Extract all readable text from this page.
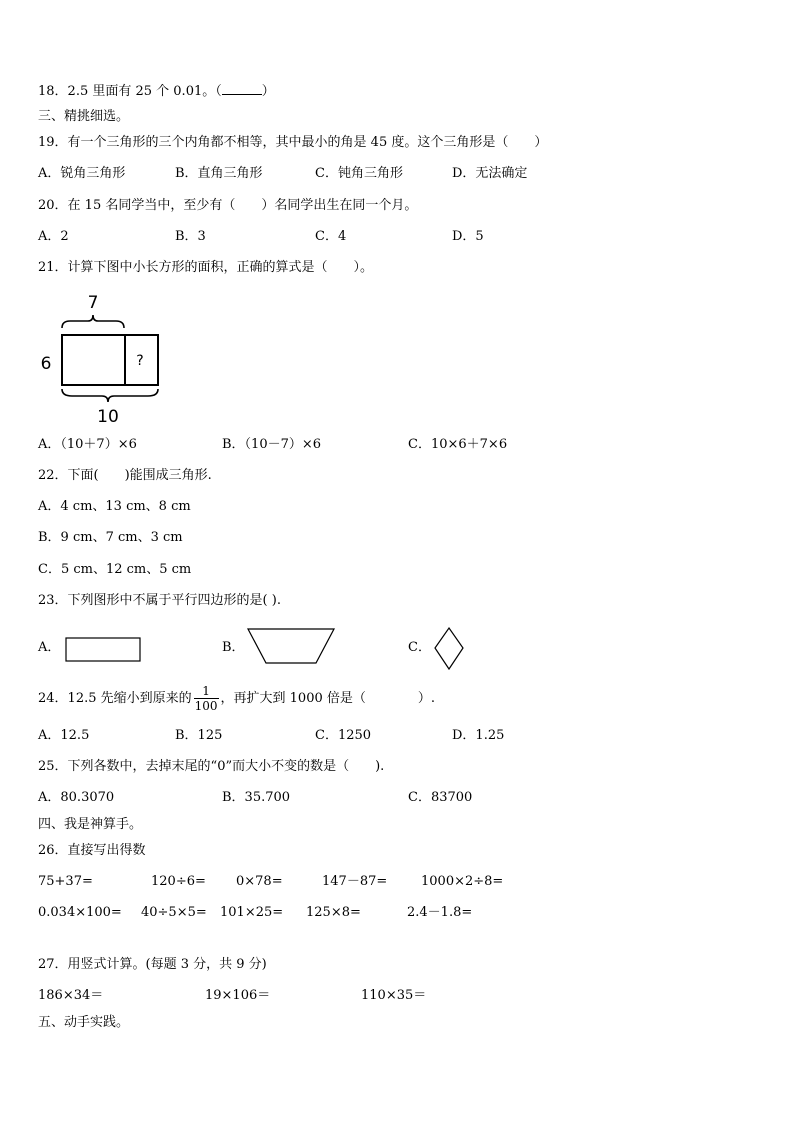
18．2.5 里面有 25 个 0.01。（	）
三、精挑细选。
19．有一个三角形的三个内角都不相等，其中最小的角是 45 度。这个三角形是（　　）
A．锐角三角形	B．直角三角形	C．钝角三角形	D．无法确定
20．在 15 名同学当中，至少有（　　）名同学出生在同一个月。
A．2	B．3	C．4	D．5
21．计算下图中小长方形的面积，正确的算式是（　　）。
7
?
6
10
A．（10＋7）×6	B．（10－7）×6	C．10×6＋7×6
22．下面(　　)能围成三角形.
A．4 cm、13 cm、8 cm
B．9 cm、7 cm、3 cm
C．5 cm、12 cm、5 cm
23．下列图形中不属于平行四边形的是( ).
A．	B．	C．
24．12.5 先缩小到原来的 $\frac{1}{100}$ ，再扩大到 1000 倍是（　　　　）.
A．12.5	B．125	C．1250	D．1.25
25．下列各数中，去掉末尾的“0”而大小不变的数是（　　).
A．80.3070	B．35.700	C．83700
四、我是神算手。
26．直接写出得数
75+37=	120÷6= 0×78=	147－87=	1000×2÷8=
0.034×100= 40÷5×5= 101×25= 125×8=	2.4－1.8=
27．用竖式计算。(每题 3 分，共 9 分)
186×34＝	19×106＝	110×35＝
五、动手实践。
